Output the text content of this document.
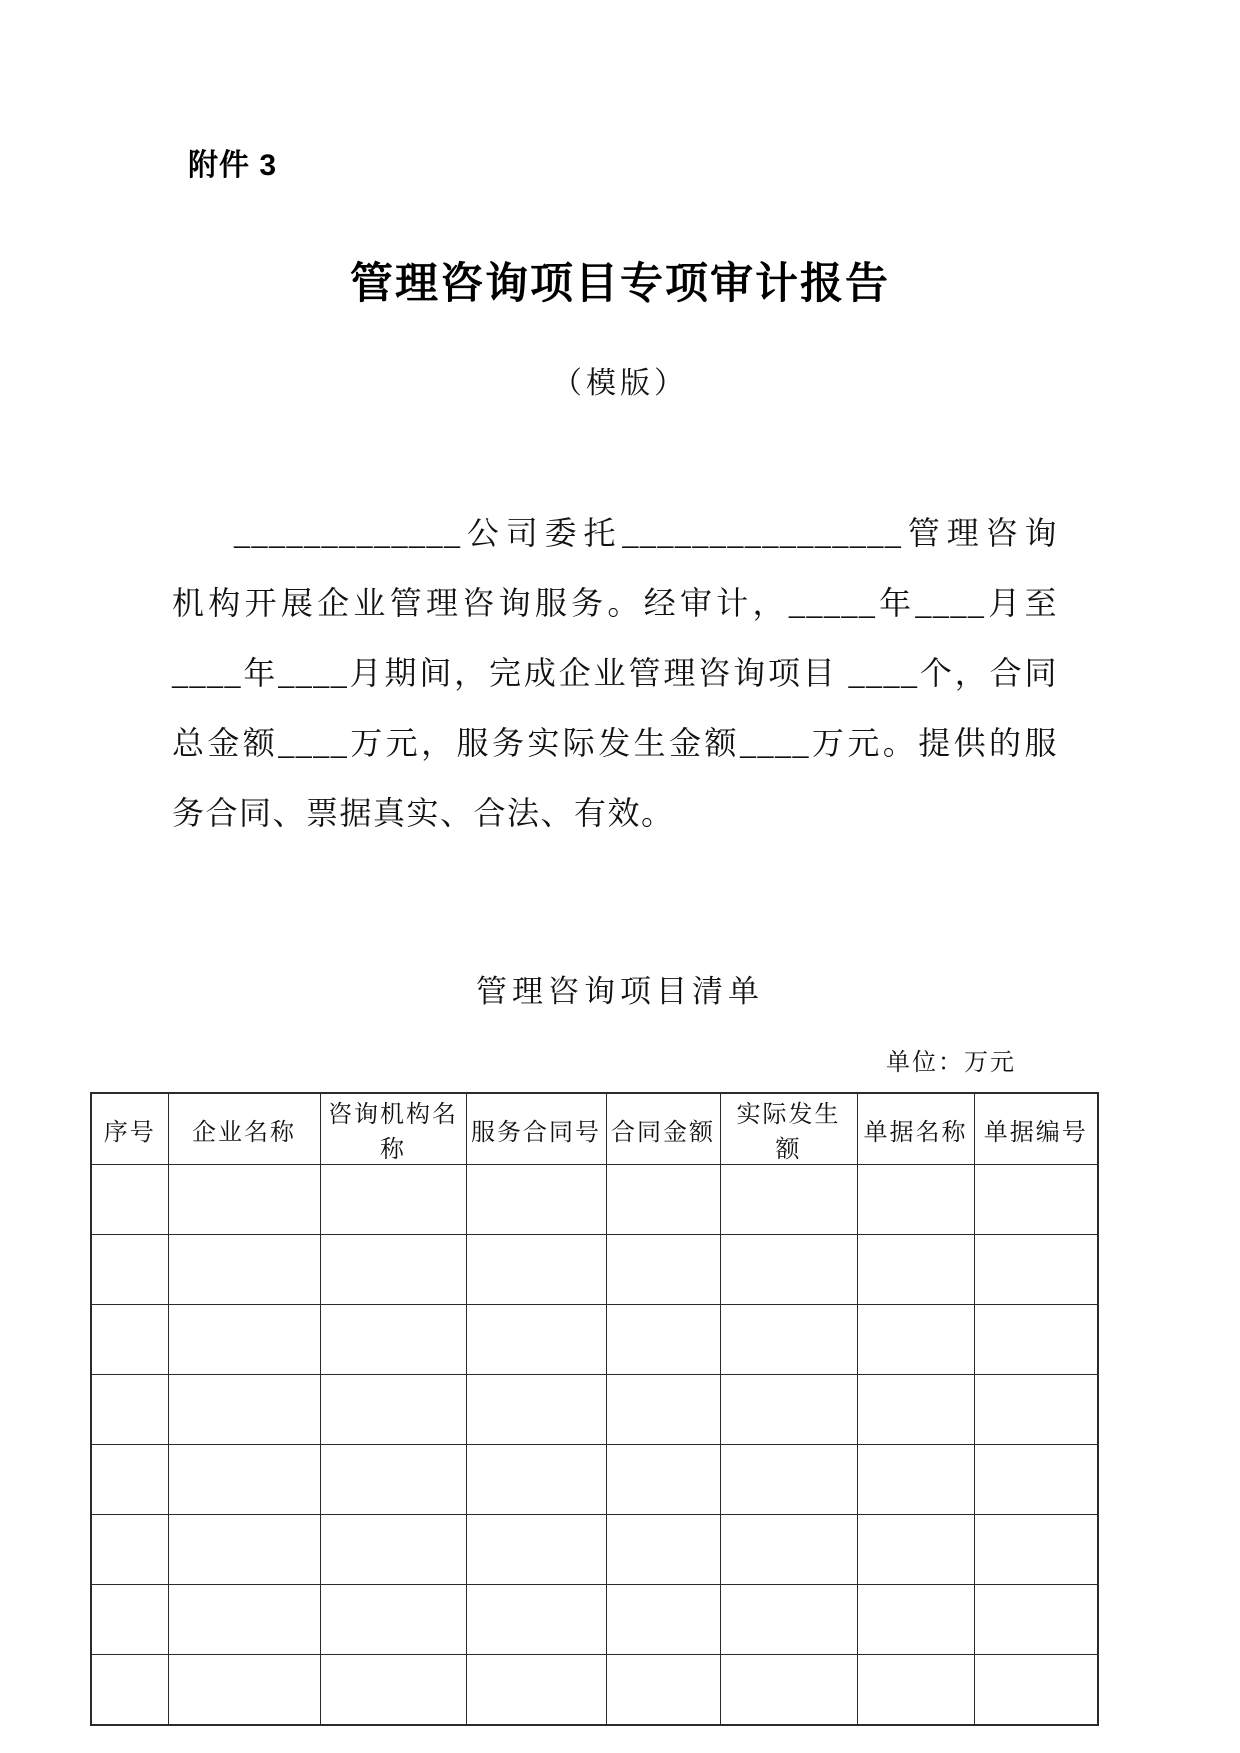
附件 3
管理咨询项目专项审计报告
（模版）
_____________公司委托________________管理咨询
机构开展企业管理咨询服务。经审计，_____年____月至
____年____月期间，完成企业管理咨询项目 ____个，合同
总金额____万元，服务实际发生金额____万元。提供的服
务合同、票据真实、合法、有效。
管理咨询项目清单
单位：万元
序号	企业名称	咨询机构名称	服务合同号	合同金额	实际发生额	单据名称	单据编号
